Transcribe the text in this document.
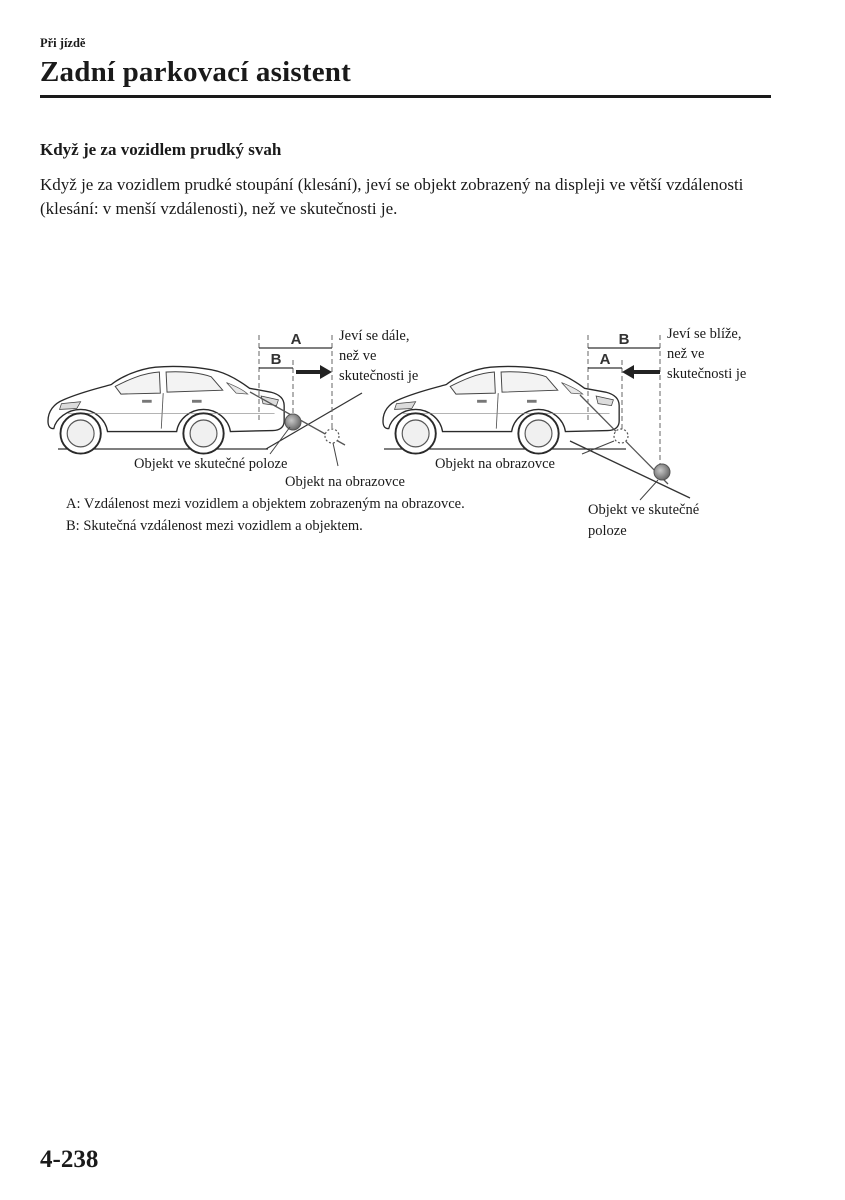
Při jízdě
Zadní parkovací asistent
Když je za vozidlem prudký svah
Když je za vozidlem prudké stoupání (klesání), jeví se objekt zobrazený na displeji ve větší vzdálenosti (klesání: v menší vzdálenosti), než ve skutečnosti je.
A
B
B
A
Jeví se dále,
než ve
skutečnosti je
Objekt ve skutečné poloze
Objekt na obrazovce
Jeví se blíže,
než ve
skutečnosti je
Objekt na obrazovce
Objekt ve skutečné
poloze
A: Vzdálenost mezi vozidlem a objektem zobrazeným na obrazovce.
B: Skutečná vzdálenost mezi vozidlem a objektem.
4-238
